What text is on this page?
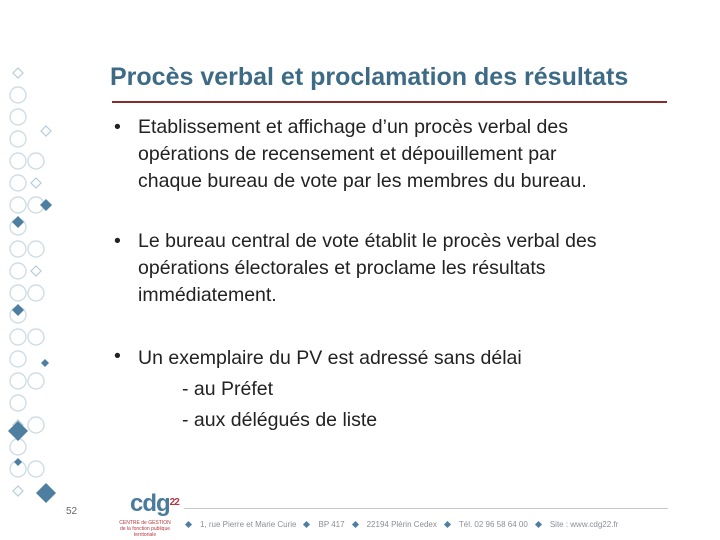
Procès verbal et proclamation des résultats
• Etablissement et affichage d’un procès verbal des
opérations de recensement et dépouillement par
chaque bureau de vote par les membres du bureau.
• Le bureau central de vote établit le procès verbal des
opérations électorales et proclame les résultats
immédiatement.
• Un exemplaire du PV est adressé sans délai
- au Préfet
- aux délégués de liste
52 cdg$^{22}$
CENTRE de GESTION
de la fonction publique territoriale
1, rue Pierre et Marie Curie	BP 417	22194 Plérin Cedex	Tél. 02 96 58 64 00	Site : www.cdg22.fr
